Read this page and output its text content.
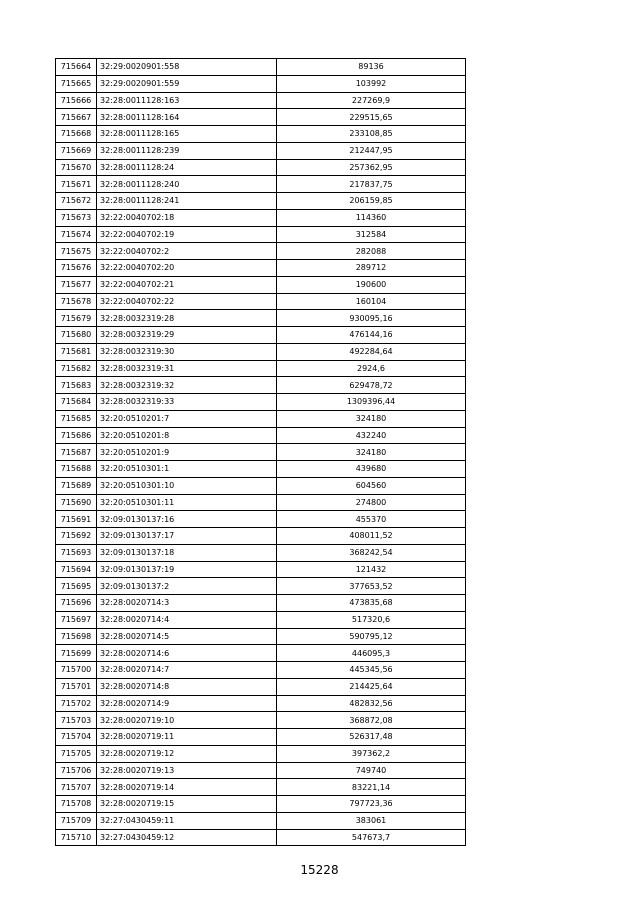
715664	32:29:0020901:558	89136
715665	32:29:0020901:559	103992
715666	32:28:0011128:163	227269,9
715667	32:28:0011128:164	229515,65
715668	32:28:0011128:165	233108,85
715669	32:28:0011128:239	212447,95
715670	32:28:0011128:24	257362,95
715671	32:28:0011128:240	217837,75
715672	32:28:0011128:241	206159,85
715673	32:22:0040702:18	114360
715674	32:22:0040702:19	312584
715675	32:22:0040702:2	282088
715676	32:22:0040702:20	289712
715677	32:22:0040702:21	190600
715678	32:22:0040702:22	160104
715679	32:28:0032319:28	930095,16
715680	32:28:0032319:29	476144,16
715681	32:28:0032319:30	492284,64
715682	32:28:0032319:31	2924,6
715683	32:28:0032319:32	629478,72
715684	32:28:0032319:33	1309396,44
715685	32:20:0510201:7	324180
715686	32:20:0510201:8	432240
715687	32:20:0510201:9	324180
715688	32:20:0510301:1	439680
715689	32:20:0510301:10	604560
715690	32:20:0510301:11	274800
715691	32:09:0130137:16	455370
715692	32:09:0130137:17	408011,52
715693	32:09:0130137:18	368242,54
715694	32:09:0130137:19	121432
715695	32:09:0130137:2	377653,52
715696	32:28:0020714:3	473835,68
715697	32:28:0020714:4	517320,6
715698	32:28:0020714:5	590795,12
715699	32:28:0020714:6	446095,3
715700	32:28:0020714:7	445345,56
715701	32:28:0020714:8	214425,64
715702	32:28:0020714:9	482832,56
715703	32:28:0020719:10	368872,08
715704	32:28:0020719:11	526317,48
715705	32:28:0020719:12	397362,2
715706	32:28:0020719:13	749740
715707	32:28:0020719:14	83221,14
715708	32:28:0020719:15	797723,36
715709	32:27:0430459:11	383061
715710	32:27:0430459:12	547673,7
15228
